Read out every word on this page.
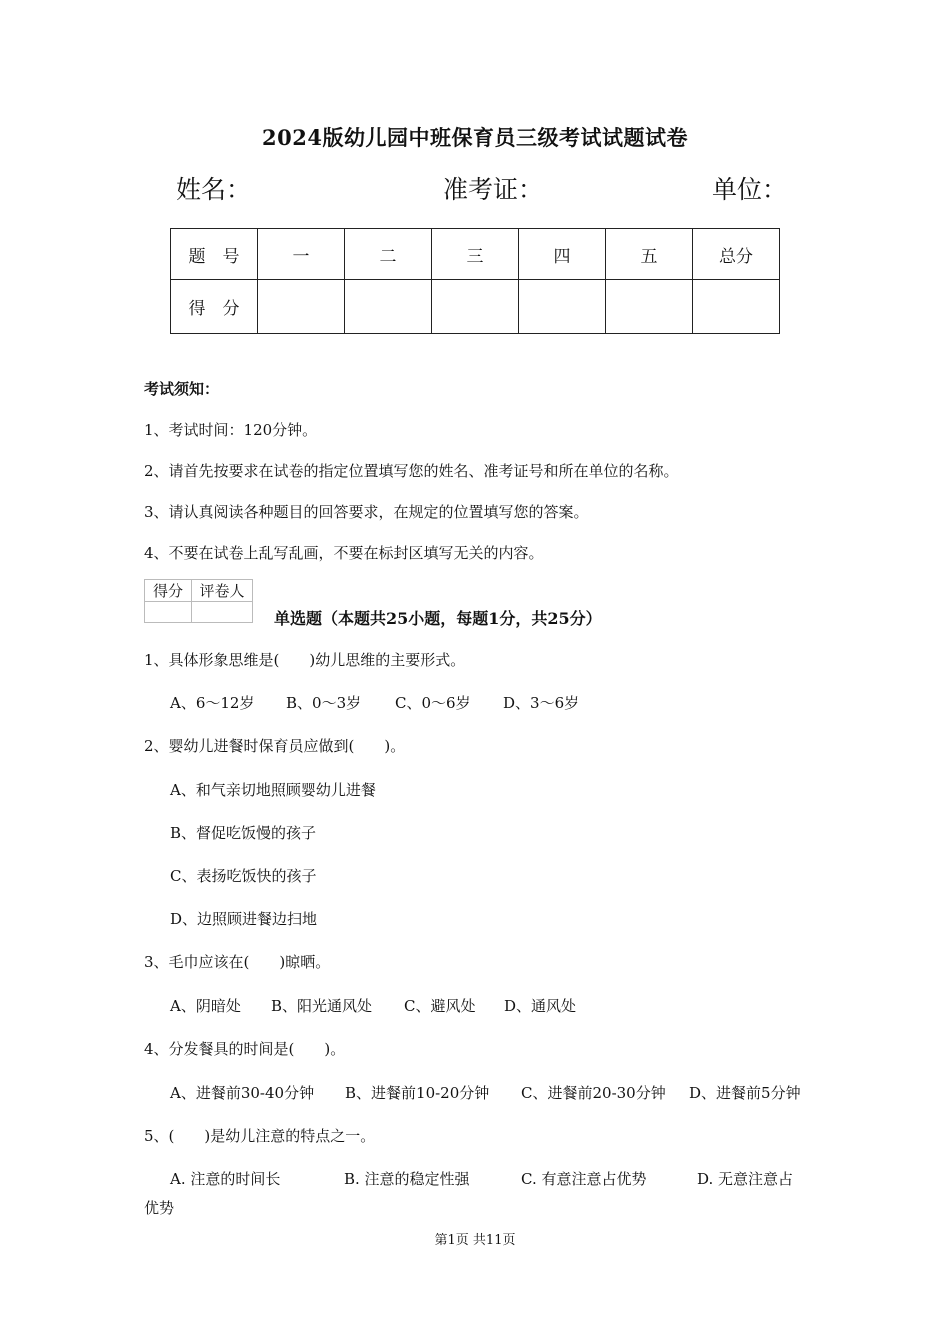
2024版幼儿园中班保育员三级考试试题试卷
姓名：	准考证：	单位：
题　号	一	二	三	四	五	总分
得　分						
考试须知：
1、考试时间：120分钟。
2、请首先按要求在试卷的指定位置填写您的姓名、准考证号和所在单位的名称。
3、请认真阅读各种题目的回答要求，在规定的位置填写您的答案。
4、不要在试卷上乱写乱画，不要在标封区填写无关的内容。
得分	评卷人

单选题（本题共25小题，每题1分，共25分）
1、具体形象思维是(　　)幼儿思维的主要形式。
A、6～12岁 B、0～3岁 C、0～6岁 D、3～6岁
2、婴幼儿进餐时保育员应做到(　　)。
A、和气亲切地照顾婴幼儿进餐
B、督促吃饭慢的孩子
C、表扬吃饭快的孩子
D、边照顾进餐边扫地
3、毛巾应该在(　　)晾晒。
A、阴暗处 B、阳光通风处 C、避风处 D、通风处
4、分发餐具的时间是(　　)。
A、进餐前30-40分钟 B、进餐前10-20分钟 C、进餐前20-30分钟 D、进餐前5分钟
5、(　　)是幼儿注意的特点之一。
A. 注意的时间长	B. 注意的稳定性强	C. 有意注意占优势	D. 无意注意占
优势
第1页 共11页
